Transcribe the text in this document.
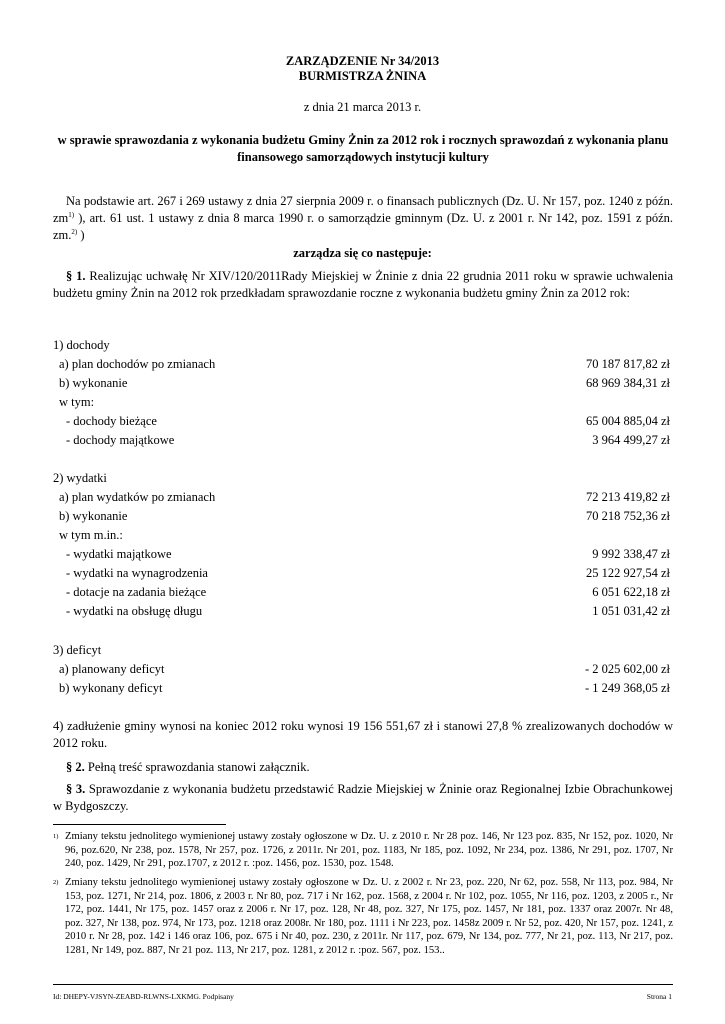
ZARZĄDZENIE Nr 34/2013
BURMISTRZA ŻNINA
z dnia 21 marca 2013 r.
w sprawie sprawozdania z wykonania budżetu Gminy Żnin za 2012 rok i rocznych sprawozdań z wykonania planu finansowego samorządowych instytucji kultury
Na podstawie art. 267 i 269 ustawy z dnia 27 sierpnia 2009 r. o finansach publicznych (Dz. U. Nr 157, poz. 1240 z późn. $zm^{1)}$ ), art. 61 ust. 1 ustawy z dnia 8 marca 1990 r. o samorządzie gminnym (Dz. U. z 2001 r. Nr 142, poz. 1591 z późn. zm.$^{2)}$ )
zarządza się co następuje:
§ 1. Realizując uchwałę Nr XIV/120/2011Rady Miejskiej w Żninie z dnia 22 grudnia 2011 roku w sprawie uchwalenia budżetu gminy Żnin na 2012 rok przedkładam sprawozdanie roczne z wykonania budżetu gminy Żnin za 2012 rok:
1) dochody
a) plan dochodów po zmianach	70 187 817,82 zł
b) wykonanie	68 969 384,31 zł
w tym:
- dochody bieżące	65 004 885,04 zł
- dochody majątkowe	3 964 499,27 zł
2) wydatki
a) plan wydatków po zmianach	72 213 419,82 zł
b) wykonanie	70 218 752,36 zł
w tym m.in.:
- wydatki majątkowe	9 992 338,47 zł
- wydatki na wynagrodzenia	25 122 927,54 zł
- dotacje na zadania bieżące	6 051 622,18 zł
- wydatki na obsługę długu	1 051 031,42 zł
3) deficyt
a) planowany deficyt	- 2 025 602,00 zł
b) wykonany deficyt	- 1 249 368,05 zł
4) zadłużenie gminy wynosi na koniec 2012 roku wynosi 19 156 551,67 zł i stanowi 27,8 % zrealizowanych dochodów w 2012 roku.
§ 2. Pełną treść sprawozdania stanowi załącznik.
§ 3. Sprawozdanie z wykonania budżetu przedstawić Radzie Miejskiej w Żninie oraz Regionalnej Izbie Obrachunkowej w Bydgoszczy.
1) Zmiany tekstu jednolitego wymienionej ustawy zostały ogłoszone w Dz. U. z 2010 r. Nr 28 poz. 146, Nr 123 poz. 835, Nr 152, poz. 1020, Nr 96, poz.620, Nr 238, poz. 1578, Nr 257, poz. 1726, z 2011r. Nr 201, poz. 1183, Nr 185, poz. 1092, Nr 234, poz. 1386, Nr 291, poz. 1707, Nr 240, poz. 1429, Nr 291, poz.1707, z 2012 r. :poz. 1456, poz. 1530, poz. 1548.
2) Zmiany tekstu jednolitego wymienionej ustawy zostały ogłoszone w Dz. U. z 2002 r. Nr 23, poz. 220, Nr 62, poz. 558, Nr 113, poz. 984, Nr 153, poz. 1271, Nr 214, poz. 1806, z 2003 r. Nr 80, poz. 717 i Nr 162, poz. 1568, z 2004 r. Nr 102, poz. 1055, Nr 116, poz. 1203, z 2005 r., Nr 172, poz. 1441, Nr 175, poz. 1457 oraz z 2006 r. Nr 17, poz. 128, Nr 48, poz. 327, Nr 175, poz. 1457, Nr 181, poz. 1337 oraz 2007r. Nr 48, poz. 327, Nr 138, poz. 974, Nr 173, poz. 1218 oraz 2008r. Nr 180, poz. 1111 i Nr 223, poz. 1458z 2009 r. Nr 52, poz. 420, Nr 157, poz. 1241, z 2010 r. Nr 28, poz. 142 i 146 oraz 106, poz. 675 i Nr 40, poz. 230, z 2011r. Nr 117, poz. 679, Nr 134, poz. 777, Nr 21, poz. 113, Nr 217, poz. 1281, Nr 149, poz. 887, Nr 21 poz. 113, Nr 217, poz. 1281, z 2012 r. :poz. 567, poz. 153..
Id: DHEPY-VJSYN-ZEABD-RLWNS-LXKMG. Podpisany	Strona 1
